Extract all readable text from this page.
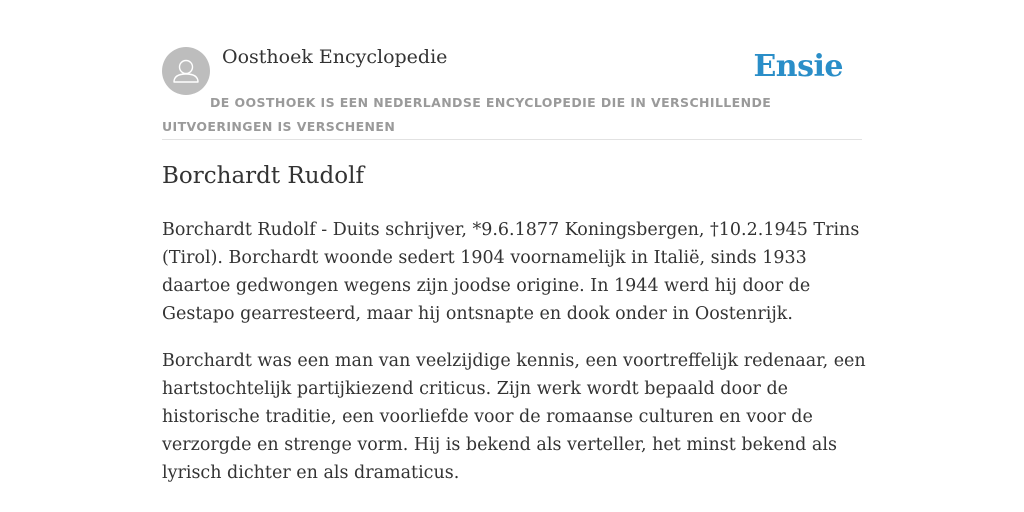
Oosthoek Encyclopedie	Ensie
DE OOSTHOEK IS EEN NEDERLANDSE ENCYCLOPEDIE DIE IN VERSCHILLENDE UITVOERINGEN IS VERSCHENEN
Borchardt Rudolf

Borchardt Rudolf - Duits schrijver, *9.6.1877 Koningsbergen, †10.2.1945 Trins (Tirol). Borchardt woonde sedert 1904 voornamelijk in Italië, sinds 1933 daartoe gedwongen wegens zijn joodse origine. In 1944 werd hij door de Gestapo gearresteerd, maar hij ontsnapte en dook onder in Oostenrijk.

Borchardt was een man van veelzijdige kennis, een voortreffelijk redenaar, een hartstochtelijk partijkiezend criticus. Zijn werk wordt bepaald door de historische traditie, een voorliefde voor de romaanse culturen en voor de verzorgde en strenge vorm. Hij is bekend als verteller, het minst bekend als lyrisch dichter en als dramaticus.
